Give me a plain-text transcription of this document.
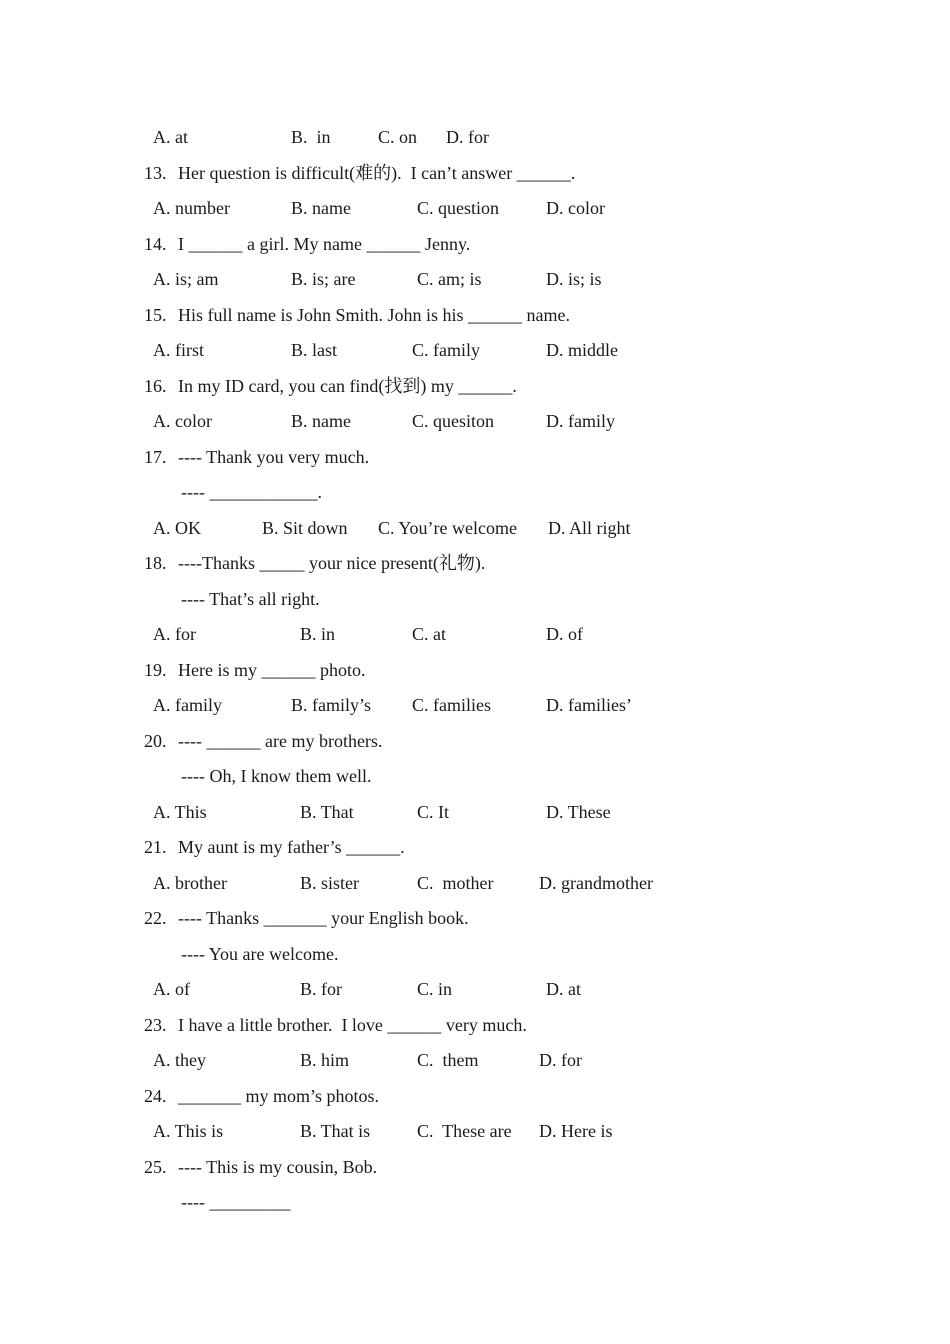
A. at	B.  in	C. on D. for
13. Her question is difficult(难的).  I can’t answer ______.
A. number	B. name	C. question	D. color
14. I ______ a girl. My name ______ Jenny.
A. is; am	B. is; are	C. am; is	D. is; is
15. His full name is John Smith. John is his ______ name.
A. first	B. last	C. family	D. middle
16. In my ID card, you can find(找到) my ______.
A. color	B. name	C. quesiton	D. family
17. ---- Thank you very much.
---- ____________.
A. OK	B. Sit down C. You’re welcome D. All right
18. ----Thanks _____ your nice present(礼物).
---- That’s all right.
A. for	B. in	C. at	D. of
19. Here is my ______ photo.
A. family	B. family’s C. families	D. families’
20. ---- ______ are my brothers.
---- Oh, I know them well.
A. This	B. That	C. It	D. These
21. My aunt is my father’s ______.
A. brother	B. sister	C.  mother	D. grandmother
22. ---- Thanks _______ your English book.
---- You are welcome.
A. of	B. for	C. in	D. at
23. I have a little brother.  I love ______ very much.
A. they	B. him	C.  them	D. for
24. _______ my mom’s photos.
A. This is	B. That is	C.  These are D. Here is
25. ---- This is my cousin, Bob.
---- _________
